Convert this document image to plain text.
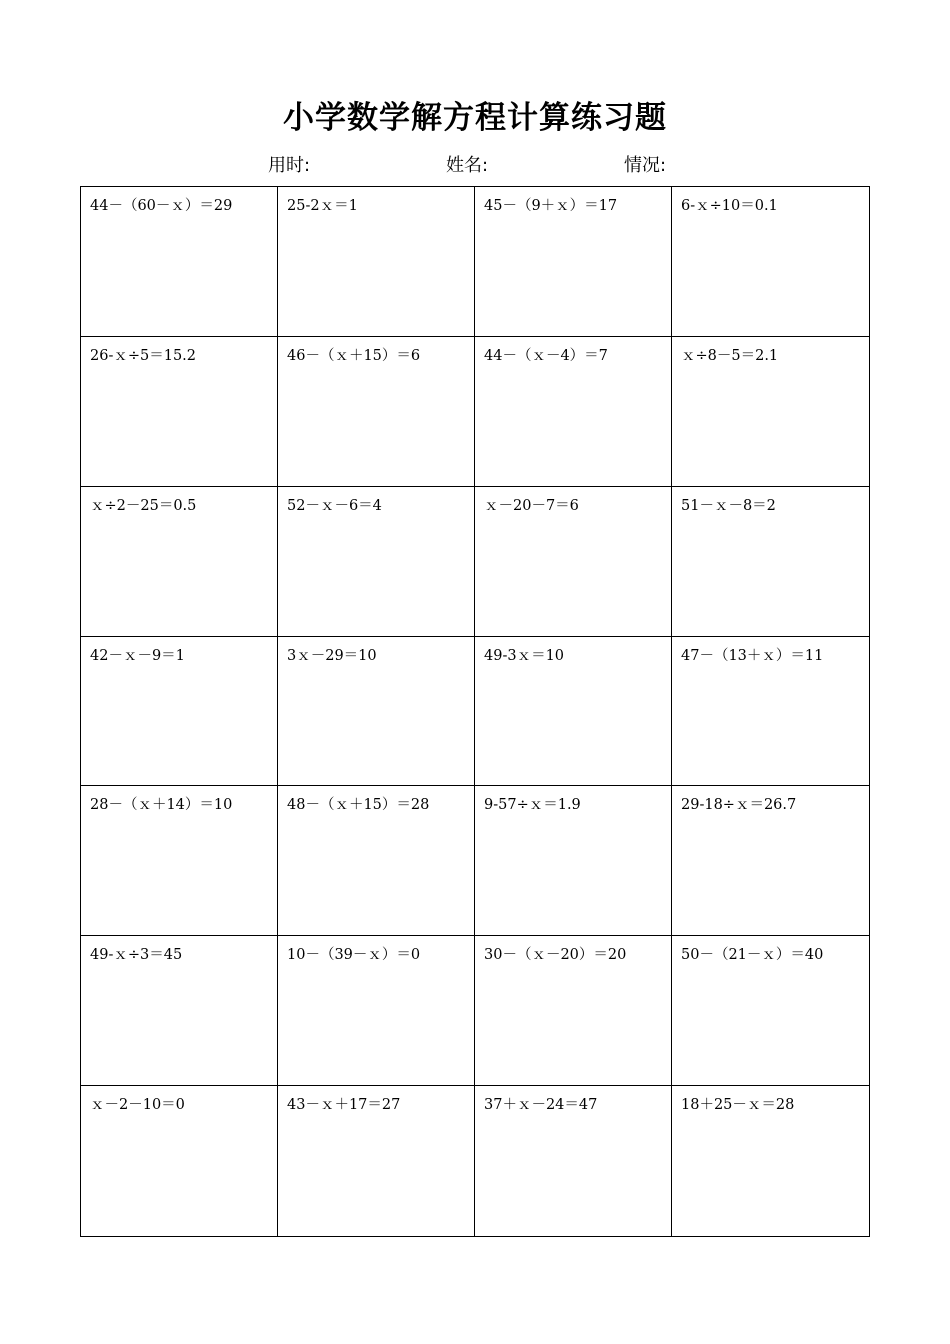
小学数学解方程计算练习题
用时:	姓名:	情况:
44－（60－ｘ）＝29	25-2ｘ＝1	45－（9＋ｘ）＝17	6-ｘ÷10＝0.1
26-ｘ÷5＝15.2	46－（ｘ＋15）＝6	44－（ｘ－4）＝7	ｘ÷8－5＝2.1
ｘ÷2－25＝0.5	52－ｘ－6＝4	ｘ－20－7＝6	51－ｘ－8＝2
42－ｘ－9＝1	3ｘ－29＝10	49-3ｘ＝10	47－（13＋ｘ）＝11
28－（ｘ＋14）＝10	48－（ｘ＋15）＝28	9-57÷ｘ＝1.9	29-18÷ｘ＝26.7
49-ｘ÷3＝45	10－（39－ｘ）＝0	30－（ｘ－20）＝20	50－（21－ｘ）＝40
ｘ－2－10＝0	43－ｘ＋17＝27	37＋ｘ－24＝47	18＋25－ｘ＝28
